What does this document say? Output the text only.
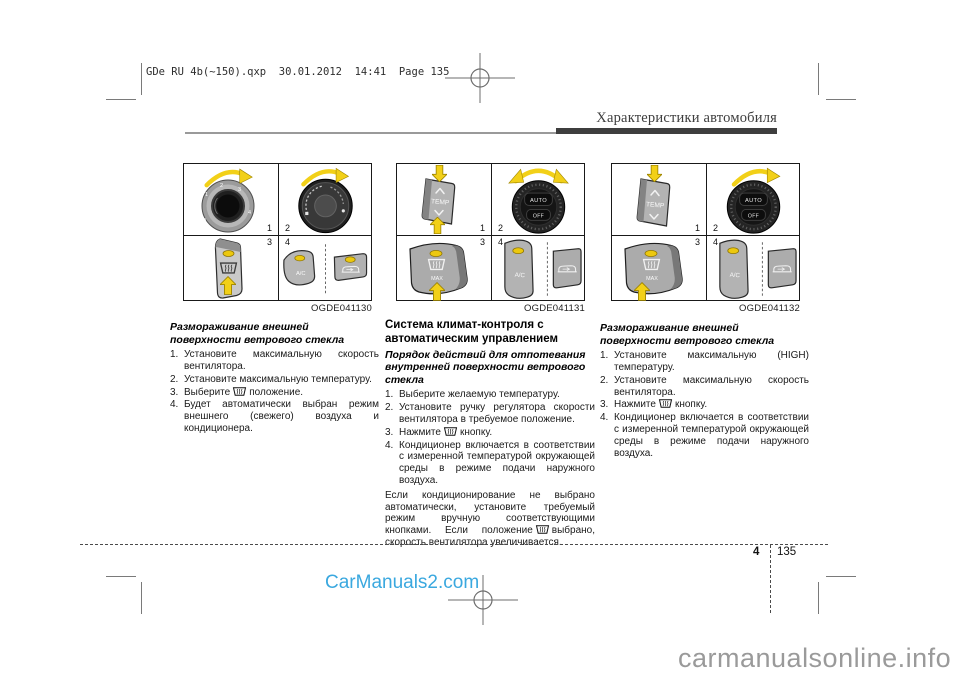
GDe RU 4b(~150).qxp  30.01.2012  14:41  Page 135
Характеристики автомобиля
0
1
2
3
4
A/C
1 2
3 4
OGDE041130
TEMP	AUTO
OFF
MAX	A/C
1 2
3 4
OGDE041131
TEMP
AUTO
OFF
MAX	A/C
1 2
3 4
OGDE041132
Размораживание внешней поверхности ветрового стекла
1. Установите максимальную скорость вентилятора.
2. Установите максимальную температуру.
3. Выберите положение.
4. Будет автоматически выбран режим внешнего (свежего) воздуха и кондиционера.
Система климат-контроля с автоматическим управлением
Порядок действий для отпотевания внутренней поверхности ветрового стекла
1. Выберите желаемую температуру.
2. Установите ручку регулятора скорости вентилятора в требуемое положение.
3. Нажмите кнопку.
4. Кондиционер включается в соответствии с измеренной температурой окружающей среды в режиме подачи наружного воздуха.

Если кондиционирование не выбрано автоматически, установите требуемый режим вручную соответствующими кнопками. Если положение выбрано, скорость вентилятора увеличивается.

Размораживание внешней поверхности ветрового стекла
1. Установите максимальную (HIGH) температуру.
2. Установите максимальную скорость вентилятора.
3. Нажмите кнопку.
4. Кондиционер включается в соответствии с измеренной температурой окружающей среды в режиме подачи наружного воздуха.
4 135
CarManuals2.com
carmanualsonline.info
